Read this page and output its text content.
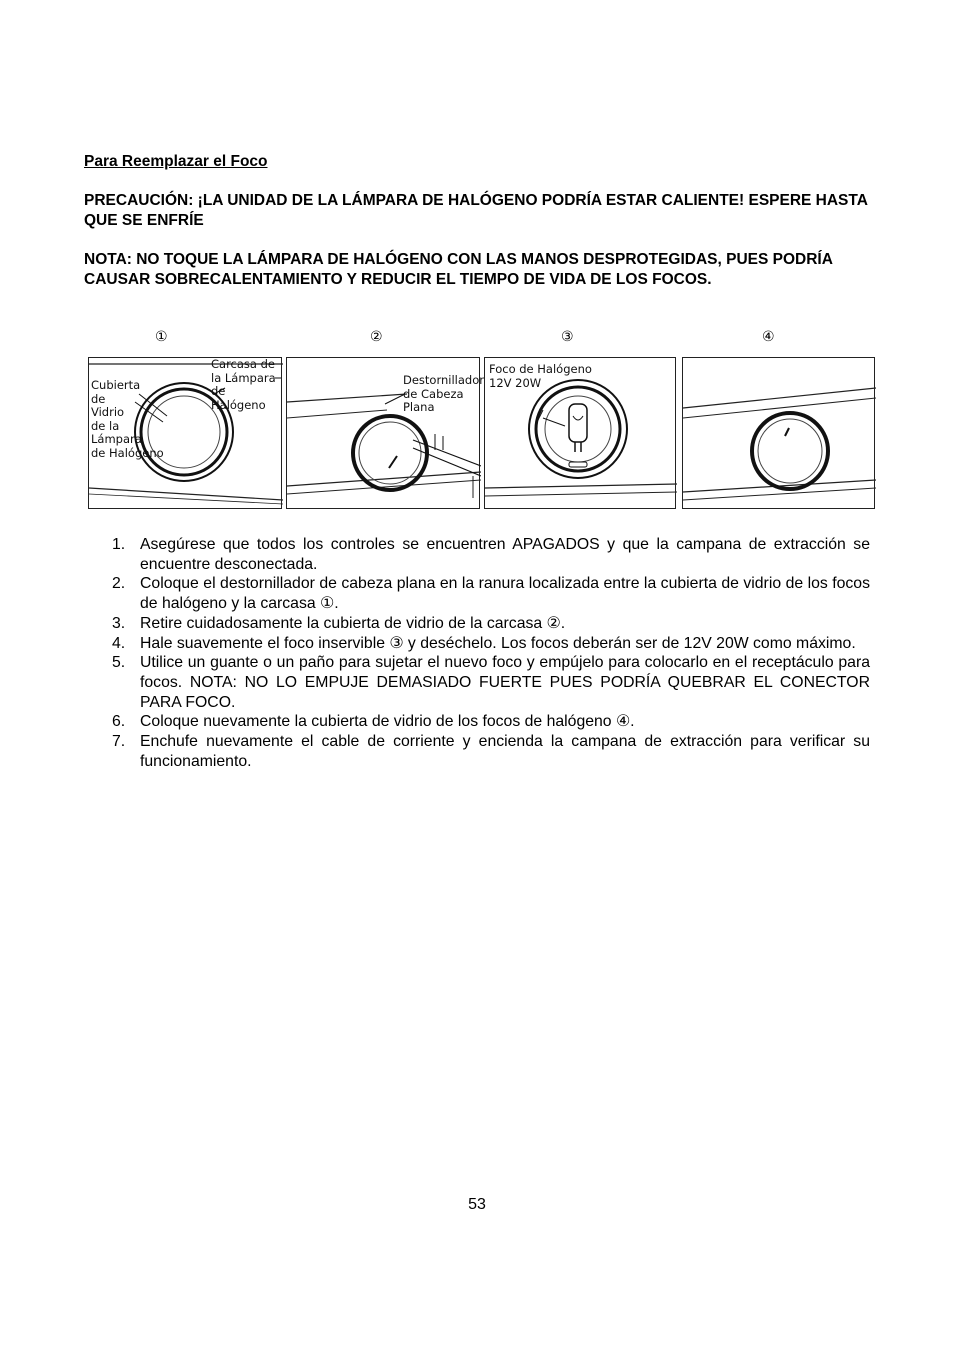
Para Reemplazar el Foco
PRECAUCIÓN: ¡LA UNIDAD DE LA LÁMPARA DE HALÓGENO PODRÍA ESTAR CALIENTE! ESPERE HASTA QUE SE ENFRÍE
NOTA: NO TOQUE LA LÁMPARA DE HALÓGENO CON LAS MANOS DESPROTEGIDAS, PUES PODRÍA CAUSAR SOBRECALENTAMIENTO Y REDUCIR EL TIEMPO DE VIDA DE LOS FOCOS.
①	②	③	④
Cubierta
de
Vidrio
de la
Lámpara
de Halógeno
Carcasa de
la Lámpara
de Halógeno
Destornillador
de Cabeza
Plana
Foco de Halógeno
12V 20W
1. Asegúrese que todos los controles se encuentren APAGADOS y que la campana de extracción se encuentre desconectada.
2. Coloque el destornillador de cabeza plana en la ranura localizada entre la cubierta de vidrio de los focos de halógeno y la carcasa ①.
3. Retire cuidadosamente la cubierta de vidrio de la carcasa ②.
4. Hale suavemente el foco inservible ③ y deséchelo. Los focos deberán ser de 12V 20W como máximo.
5. Utilice un guante o un paño para sujetar el nuevo foco y empújelo para colocarlo en el receptáculo para focos. NOTA: NO LO EMPUJE DEMASIADO FUERTE PUES PODRÍA QUEBRAR EL CONECTOR PARA FOCO.
6. Coloque nuevamente la cubierta de vidrio de los focos de halógeno ④.
7. Enchufe nuevamente el cable de corriente y encienda la campana de extracción para verificar su funcionamiento.
53
